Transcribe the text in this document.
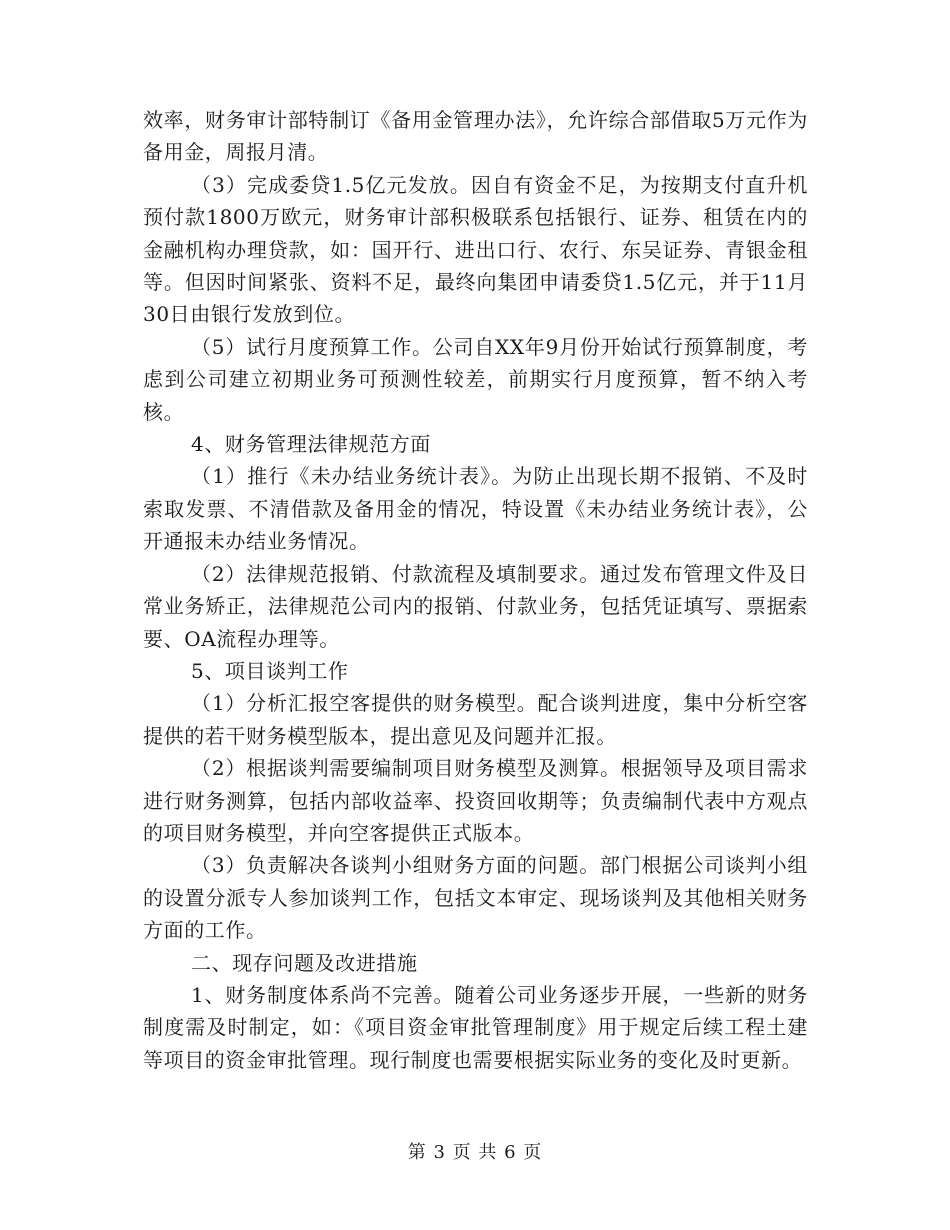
效率，财务审计部特制订《备用金管理办法》，允许综合部借取5万元作为备用金，周报月清。

（3）完成委贷1.5亿元发放。因自有资金不足，为按期支付直升机预付款1800万欧元，财务审计部积极联系包括银行、证券、租赁在内的金融机构办理贷款，如：国开行、进出口行、农行、东吴证券、青银金租等。但因时间紧张、资料不足，最终向集团申请委贷1.5亿元，并于11月30日由银行发放到位。

（5）试行月度预算工作。公司自XX年9月份开始试行预算制度，考虑到公司建立初期业务可预测性较差，前期实行月度预算，暂不纳入考核。

4、财务管理法律规范方面

（1）推行《未办结业务统计表》。为防止出现长期不报销、不及时索取发票、不清借款及备用金的情况，特设置《未办结业务统计表》，公开通报未办结业务情况。

（2）法律规范报销、付款流程及填制要求。通过发布管理文件及日常业务矫正，法律规范公司内的报销、付款业务，包括凭证填写、票据索要、OA流程办理等。

5、项目谈判工作

（1）分析汇报空客提供的财务模型。配合谈判进度，集中分析空客提供的若干财务模型版本，提出意见及问题并汇报。

（2）根据谈判需要编制项目财务模型及测算。根据领导及项目需求进行财务测算，包括内部收益率、投资回收期等；负责编制代表中方观点的项目财务模型，并向空客提供正式版本。

（3）负责解决各谈判小组财务方面的问题。部门根据公司谈判小组的设置分派专人参加谈判工作，包括文本审定、现场谈判及其他相关财务方面的工作。

二、现存问题及改进措施

1、财务制度体系尚不完善。随着公司业务逐步开展，一些新的财务制度需及时制定，如：《项目资金审批管理制度》用于规定后续工程土建等项目的资金审批管理。现行制度也需要根据实际业务的变化及时更新。

第 3 页 共 6 页
